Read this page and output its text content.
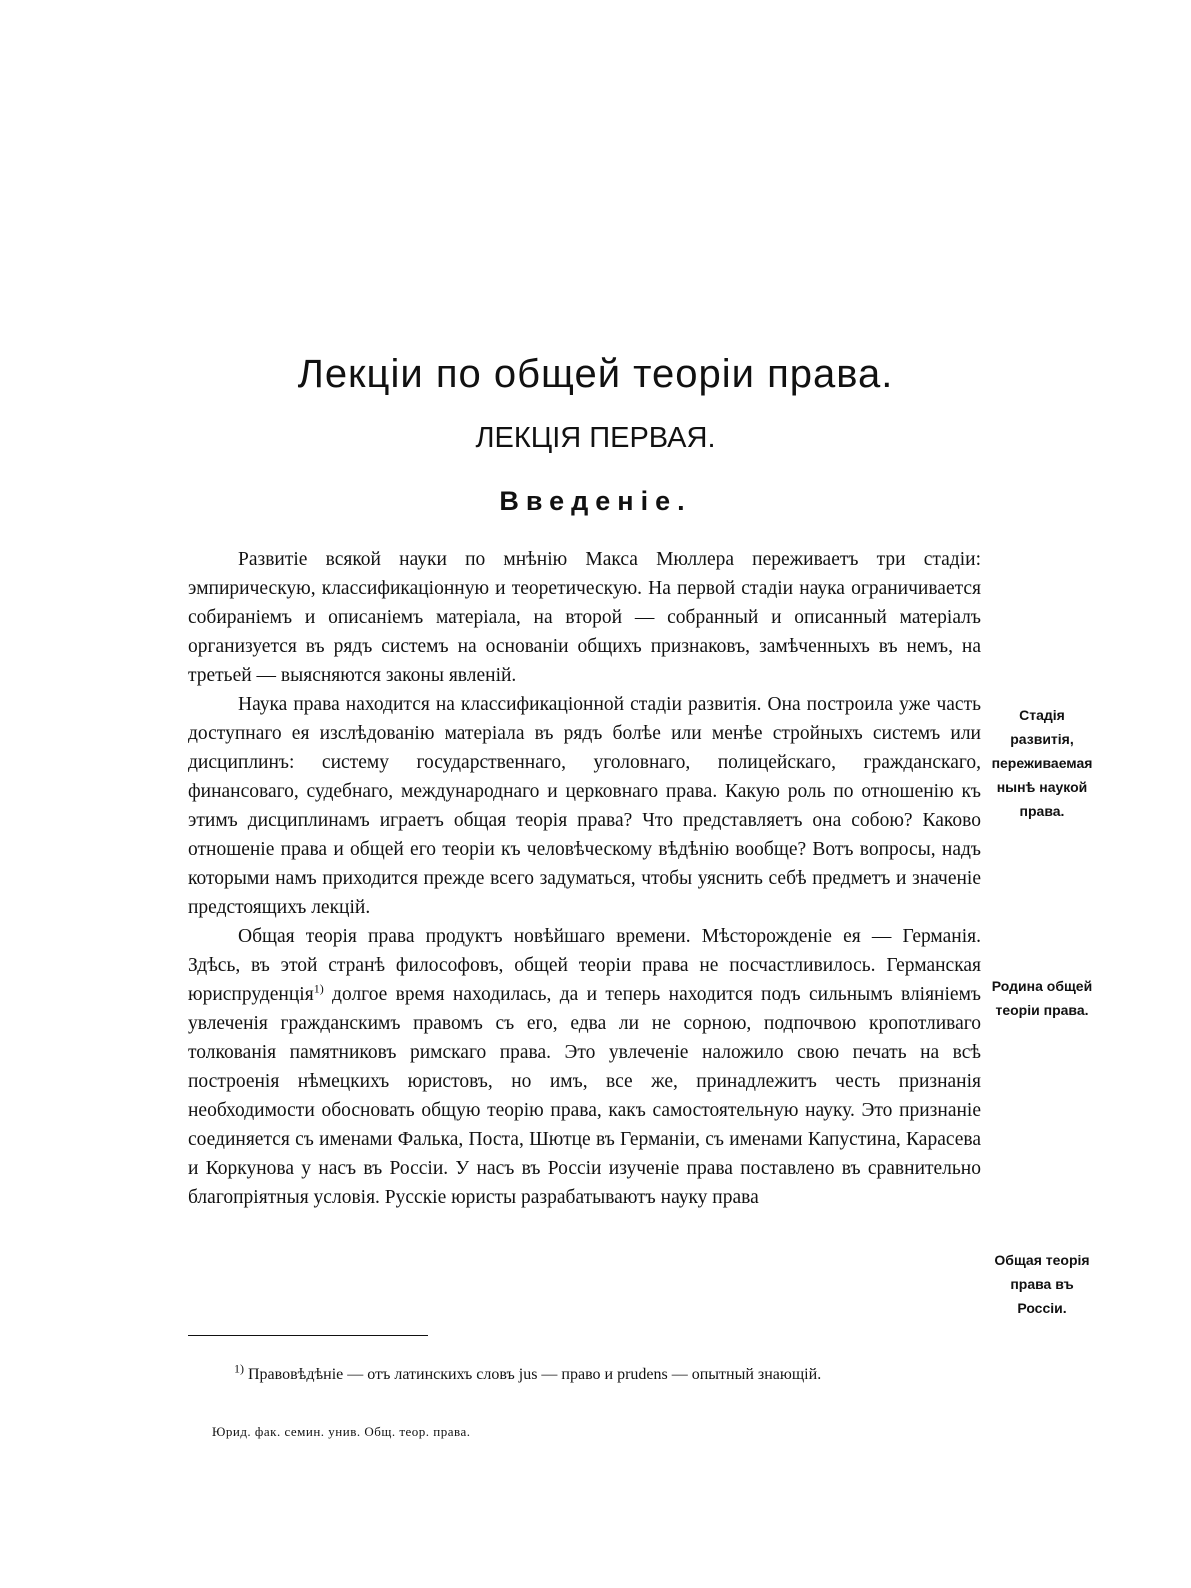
Лекціи по общей теоріи права.
ЛЕКЦІЯ ПЕРВАЯ.
Введеніе.

Развитіе всякой науки по мнѣнію Макса Мюллера переживаетъ три стадіи: эмпирическую, классификаціонную и теоретическую. На первой стадіи наука ограничивается собираніемъ и описаніемъ матеріала, на второй — собранный и описанный матеріалъ организуется въ рядъ системъ на основаніи общихъ признаковъ, замѣченныхъ въ немъ, на третьей — выясняются законы явленій.

Наука права находится на классификаціонной стадіи развитія. Она построила уже часть доступнаго ея изслѣдованію матеріала въ рядъ болѣе или менѣе стройныхъ системъ или дисциплинъ: систему государственнаго, уголовнаго, полицейскаго, гражданскаго, финансоваго, судебнаго, международнаго и церковнаго права. Какую роль по отношенію къ этимъ дисциплинамъ играетъ общая теорія права? Что представляетъ она собою? Каково отношеніе права и общей его теоріи къ человѣческому вѣдѣнію вообще? Вотъ вопросы, надъ которыми намъ приходится прежде всего задуматься, чтобы уяснить себѣ предметъ и значеніе предстоящихъ лекцій.

Общая теорія права продуктъ новѣйшаго времени. Мѣсторожденіе ея — Германія. Здѣсь, въ этой странѣ философовъ, общей теоріи права не посчастливилось. Германская юриспруденція$^{1)}$ долгое время находилась, да и теперь находится подъ сильнымъ вліяніемъ увлеченія гражданскимъ правомъ съ его, едва ли не сорною, подпочвою кропотливаго толкованія памятниковъ римскаго права. Это увлеченіе наложило свою печать на всѣ построенія нѣмецкихъ юристовъ, но имъ, все же, принадлежитъ честь признанія необходимости обосновать общую теорію права, какъ самостоятельную науку. Это признаніе соединяется съ именами Фалька, Поста, Шютце въ Германіи, съ именами Капустина, Карасева и Коркунова у насъ въ Россіи. У насъ въ Россіи изученіе права поставлено въ сравнительно благопріятныя условія. Русскіе юристы разрабатываютъ науку права

Стадія развитія, переживаемая нынѣ наукой права.
Родина общей теоріи права.
Общая теорія права въ Россіи.

$^{1)}$ Правовѣдѣніе — отъ латинскихъ словъ jus — право и prudens — опытный знающій.

Юрид. фак. семин. унив. Общ. теор. права.
